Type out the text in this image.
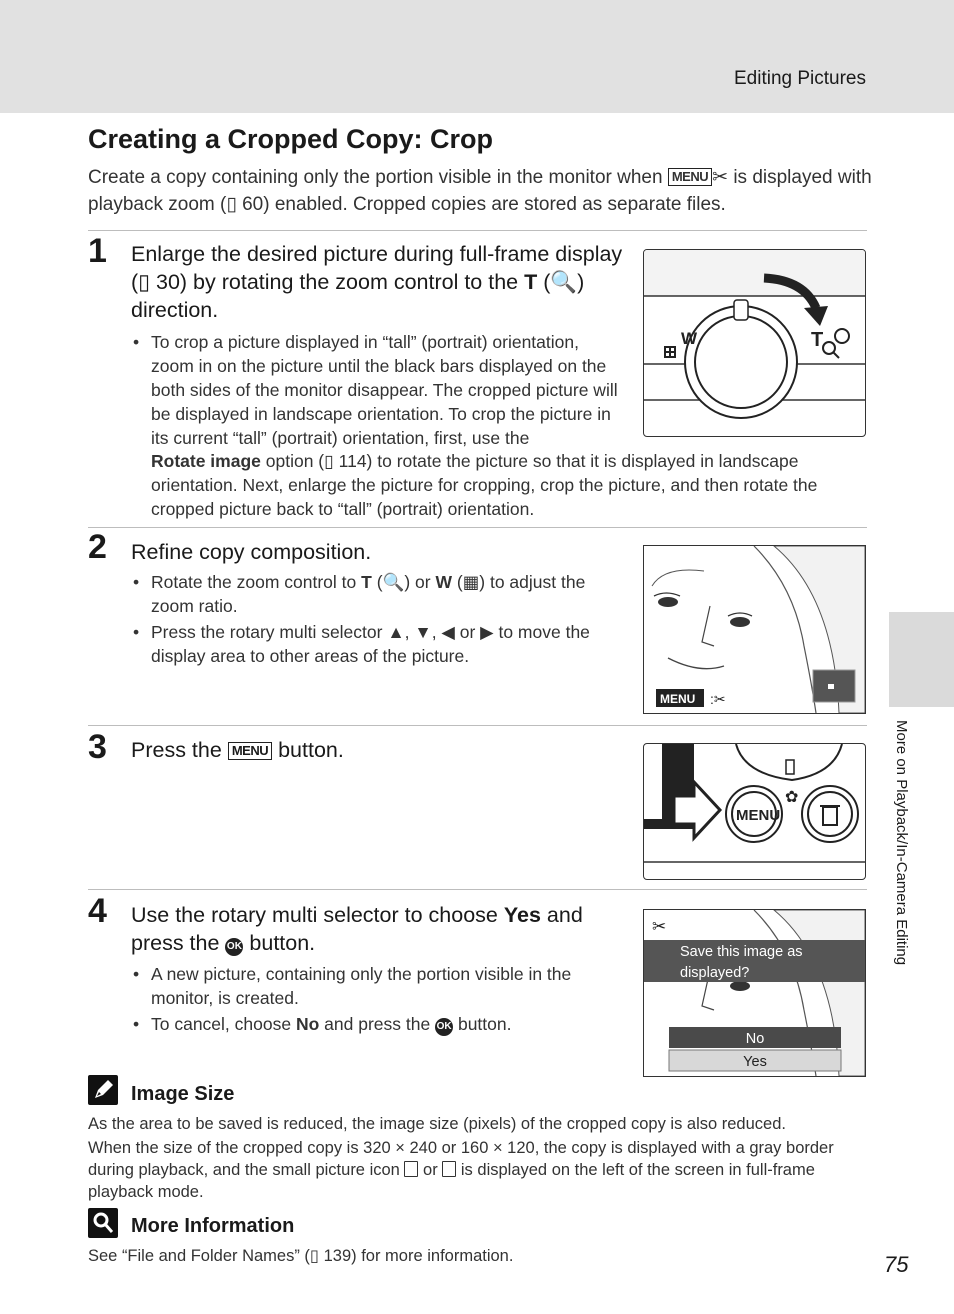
Editing Pictures
Creating a Cropped Copy: Crop
Create a copy containing only the portion visible in the monitor when MENU ✂ is displayed with playback zoom (▯ 60) enabled. Cropped copies are stored as separate files.
1 Enlarge the desired picture during full-frame display (▯ 30) by rotating the zoom control to the T (🔍) direction.
• To crop a picture displayed in “tall” (portrait) orientation, zoom in on the picture until the black bars displayed on the both sides of the monitor disappear. The cropped picture will be displayed in landscape orientation. To crop the picture in its current “tall” (portrait) orientation, first, use the
Rotate image option (▯ 114) to rotate the picture so that it is displayed in landscape orientation. Next, enlarge the picture for cropping, crop the picture, and then rotate the cropped picture back to “tall” (portrait) orientation.
W	T
2 Refine copy composition.
• Rotate the zoom control to T (🔍) or W (▦) to adjust the zoom ratio.
• Press the rotary multi selector ▲, ▼, ◀ or ▶ to move the display area to other areas of the picture.
MENU :✂
3 Press the MENU button.
MENU
✿
4 Use the rotary multi selector to choose Yes and press the OK button.
• A new picture, containing only the portion visible in the monitor, is created.
• To cancel, choose No and press the OK button.
✂
Save this image as
displayed?
No
Yes
Image Size
As the area to be saved is reduced, the image size (pixels) of the cropped copy is also reduced.
When the size of the cropped copy is 320 × 240 or 160 × 120, the copy is displayed with a gray border during playback, and the small picture icon or is displayed on the left of the screen in full-frame playback mode.
More Information
See “File and Folder Names” (▯ 139) for more information.
More on Playback/In-Camera Editing
75
